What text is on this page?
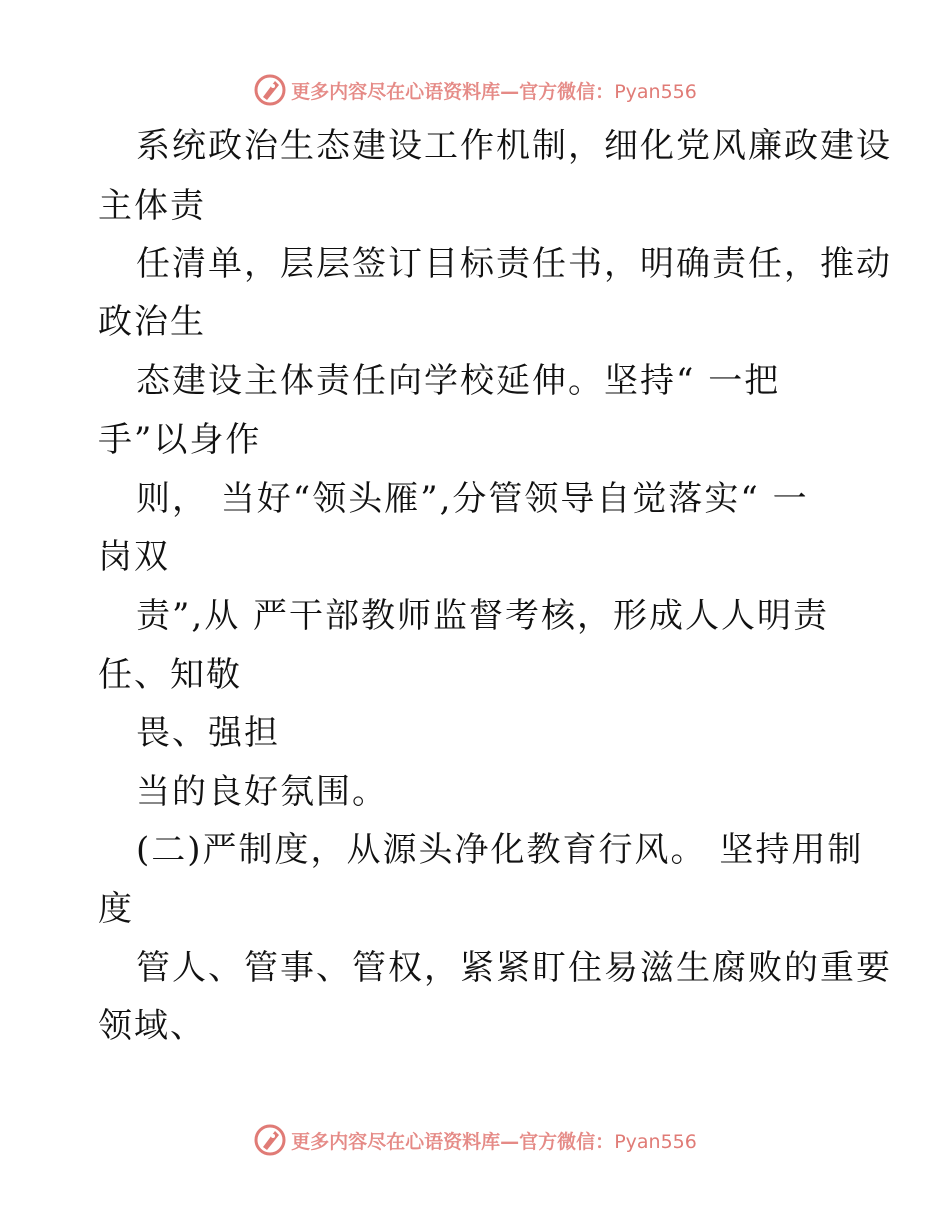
更多内容尽在心语资料库—官方微信：Pyan556
系统政治生态建设工作机制，细化党风廉政建设
主体责
任清单，层层签订目标责任书，明确责任，推动
政治生
态建设主体责任向学校延伸。坚持“ 一把
手”以身作
则， 当好“领头雁”,分管领导自觉落实“ 一
岗双
责”,从 严干部教师监督考核，形成人人明责
任、知敬
畏、强担
当的良好氛围。
(二)严制度，从源头净化教育行风。 坚持用制
度
管人、管事、管权，紧紧盯住易滋生腐败的重要
领域、
更多内容尽在心语资料库—官方微信：Pyan556
